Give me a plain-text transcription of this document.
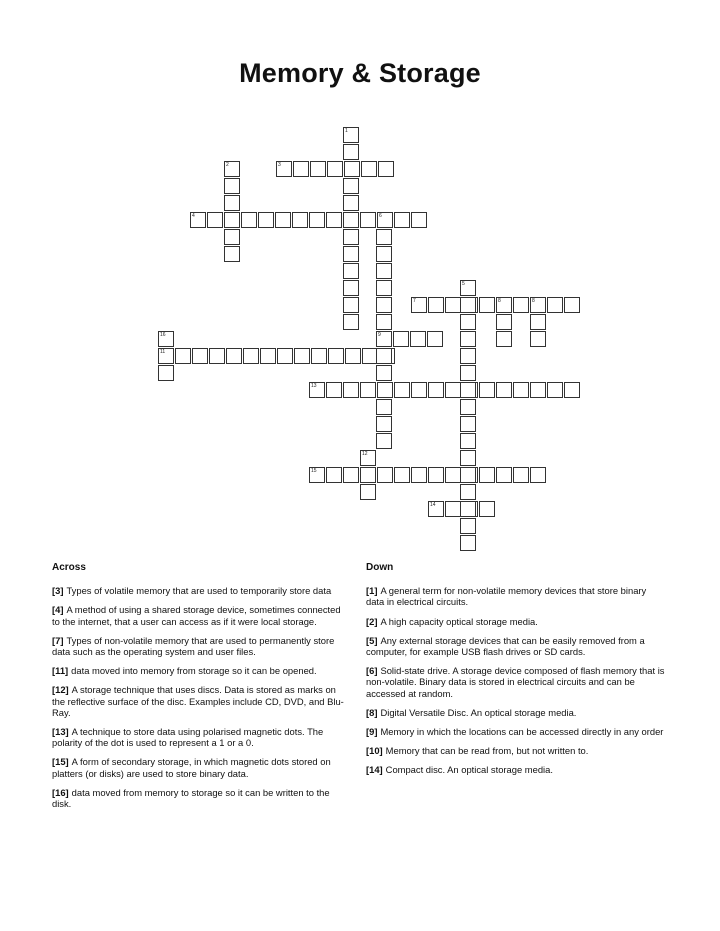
Memory & Storage
3
4	6
7	8	8
11
9
13
15
14
1
2
5
16
12
Across
[3] Types of volatile memory that are used to temporarily store data
[4] A method of using a shared storage device, sometimes connected to the internet, that a user can access as if it were local storage.
[7] Types of non-volatile memory that are used to permanently store data such as the operating system and user files.
[11] data moved into memory from storage so it can be opened.
[12] A storage technique that uses discs. Data is stored as marks on the reflective surface of the disc. Examples include CD, DVD, and Blu-Ray.
[13] A technique to store data using polarised magnetic dots. The polarity of the dot is used to represent a 1 or a 0.
[15] A form of secondary storage, in which magnetic dots stored on platters (or disks) are used to store binary data.
[16] data moved from memory to storage so it can be written to the disk.
Down
[1] A general term for non-volatile memory devices that store binary data in electrical circuits.
[2] A high capacity optical storage media.
[5] Any external storage devices that can be easily removed from a computer, for example USB flash drives or SD cards.
[6] Solid-state drive. A storage device composed of flash memory that is non-volatile. Binary data is stored in electrical circuits and can be accessed at random.
[8] Digital Versatile Disc. An optical storage media.
[9] Memory in which the locations can be accessed directly in any order
[10] Memory that can be read from, but not written to.
[14] Compact disc. An optical storage media.
